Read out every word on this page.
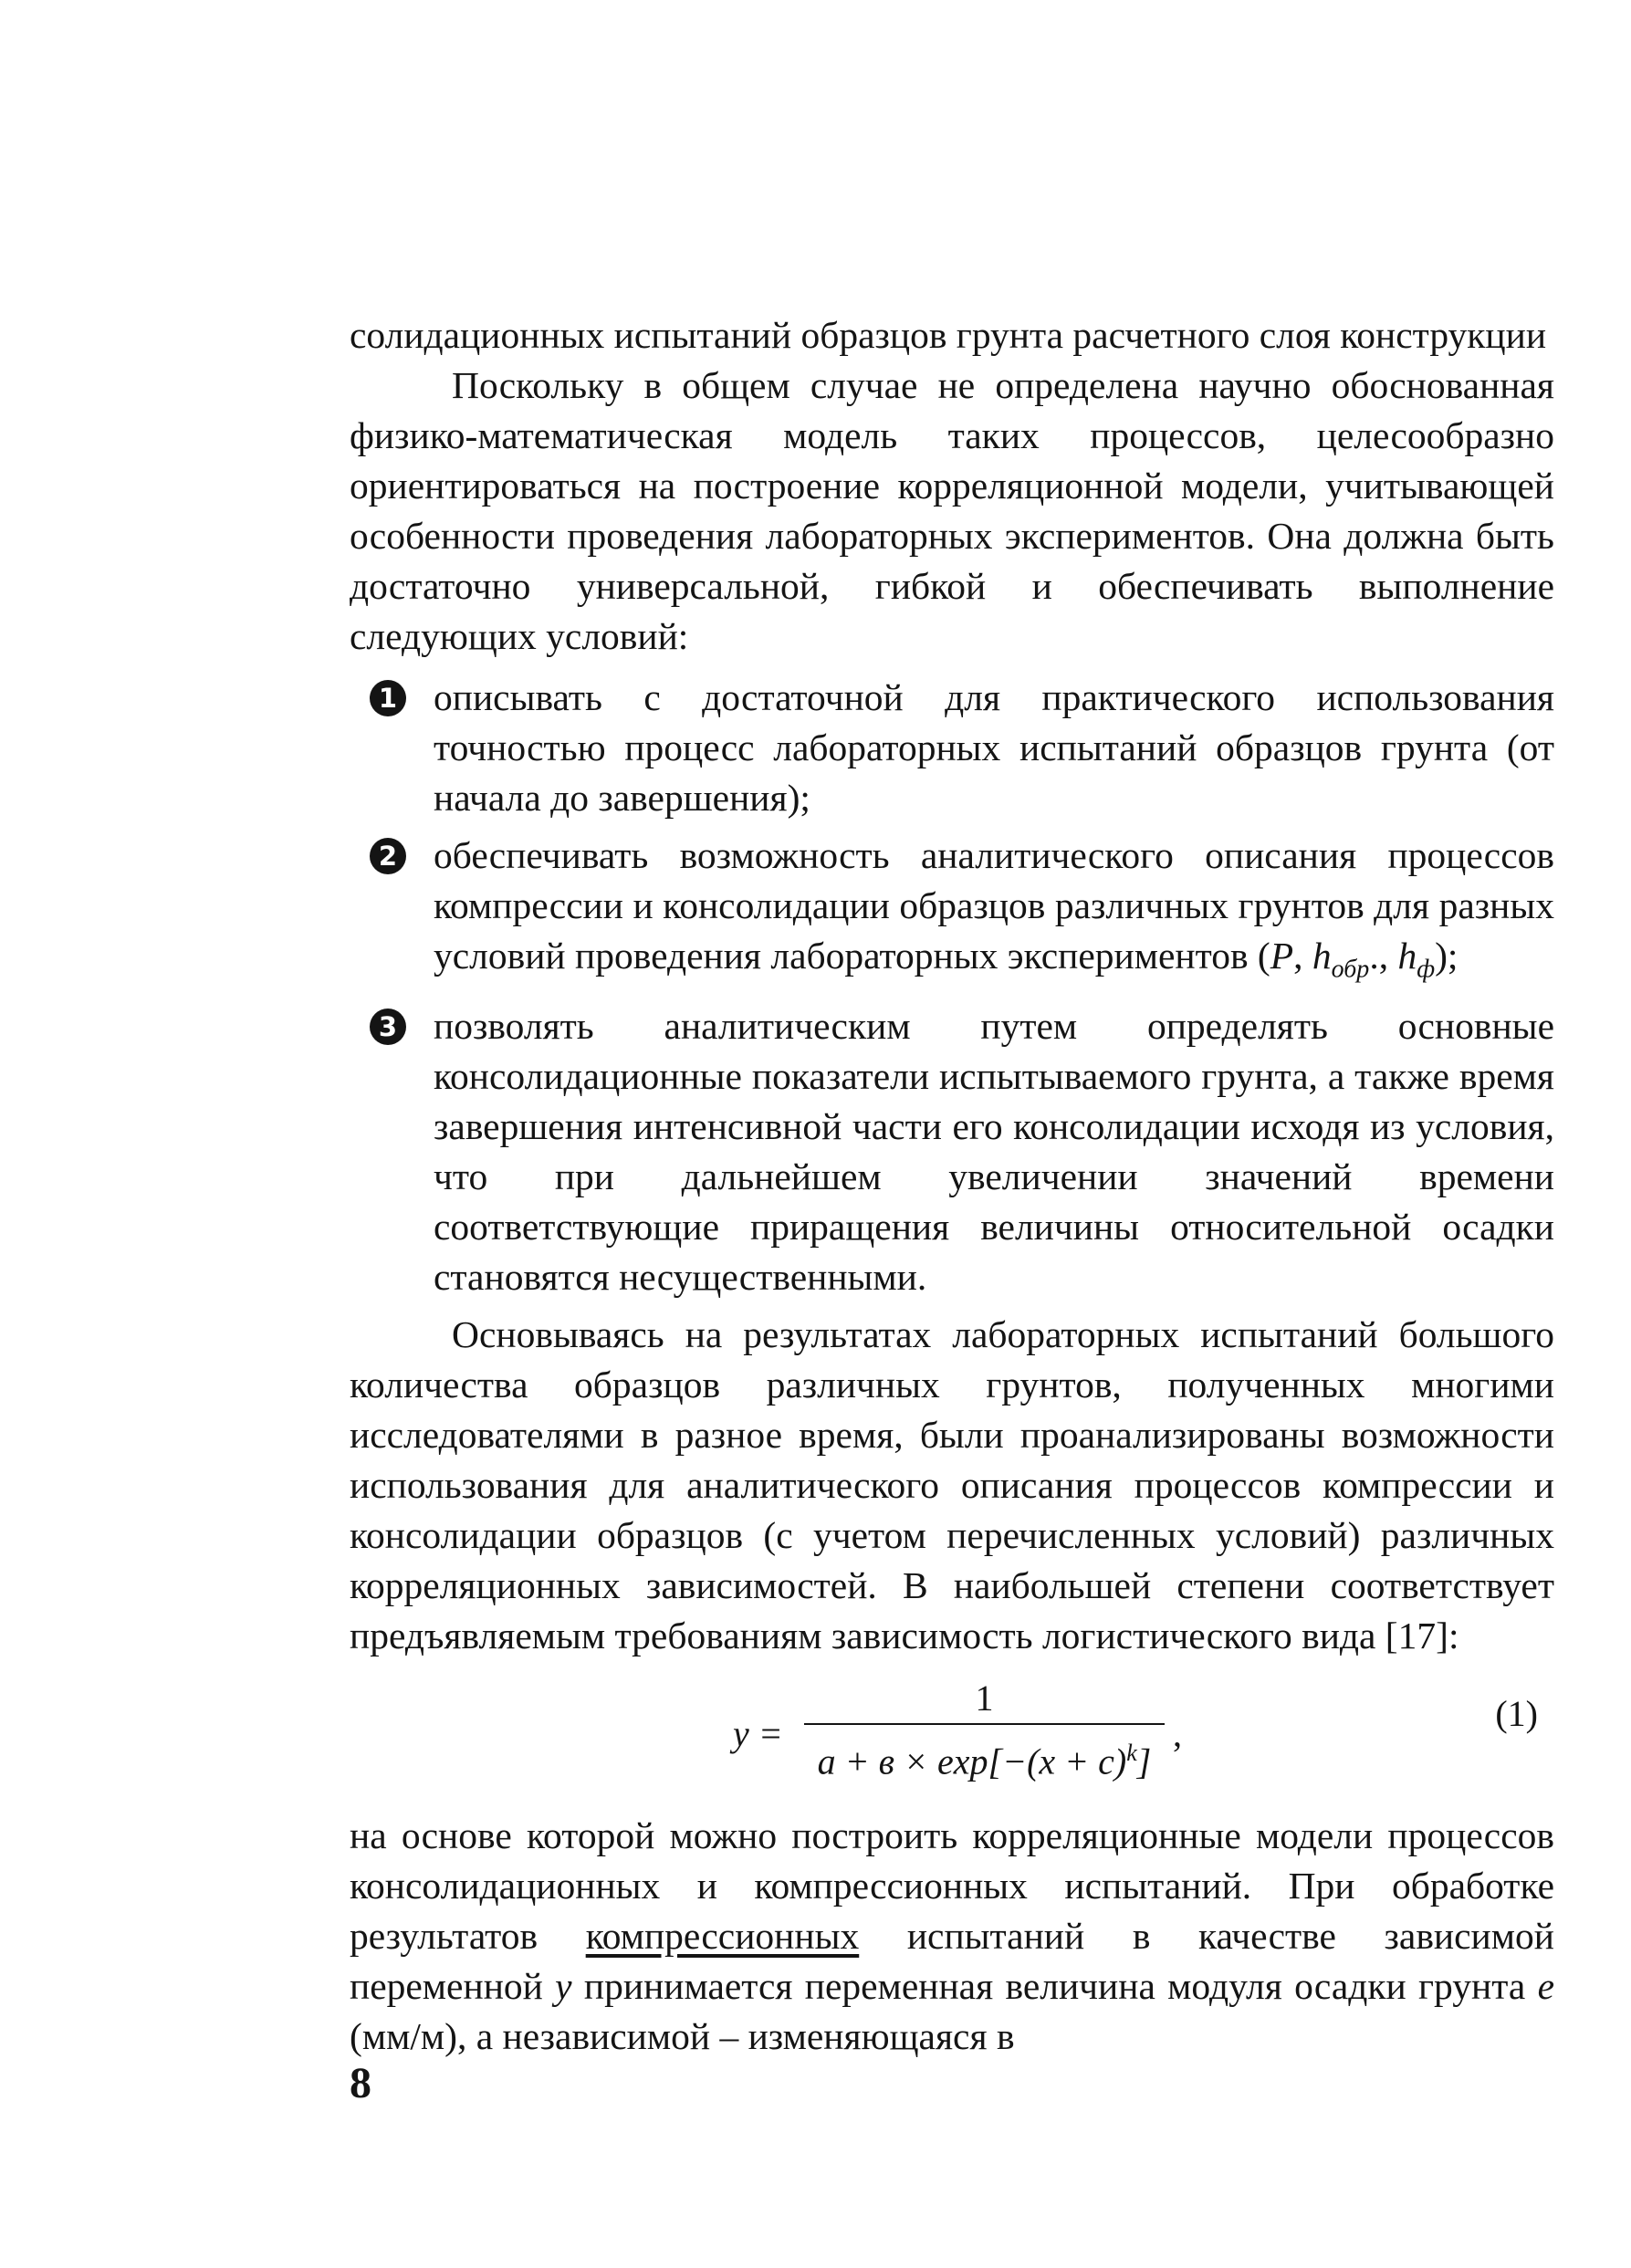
солидационных испытаний образцов грунта расчетного слоя конструкции

Поскольку в общем случае не определена научно обоснованная физико-математическая модель таких процессов, целесообразно ориентироваться на построение корреляционной модели, учитывающей особенности проведения лабораторных экспериментов. Она должна быть достаточно универсальной, гибкой и обеспечивать выполнение следующих условий:

1 описывать с достаточной для практического использования точностью процесс лабораторных испытаний образцов грунта (от начала до завершения);
2 обеспечивать возможность аналитического описания процессов компрессии и консолидации образцов различных грунтов для разных условий проведения лабораторных экспериментов (P, $h_{обр}$., $h_ф$);
3 позволять аналитическим путем определять основные консолидационные показатели испытываемого грунта, а также время завершения интенсивной части его консолидации исходя из условия, что при дальнейшем увеличении значений времени соответствующие приращения величины относительной осадки становятся несущественными.

Основываясь на результатах лабораторных испытаний большого количества образцов различных грунтов, полученных многими исследователями в разное время, были проанализированы возможности использования для аналитического описания процессов компрессии и консолидации образцов (с учетом перечисленных условий) различных корреляционных зависимостей. В наибольшей степени соответствует предъявляемым требованиям зависимость логистического вида [17]:

y =
1
$a + в \times \exp[-(x + c)^k]$
,	(1)

на основе которой можно построить корреляционные модели процессов консолидационных и компрессионных испытаний. При обработке результатов компрессионных испытаний в качестве зависимой переменной y принимается переменная величина модуля осадки грунта e (мм/м), а независимой – изменяющаяся в

8
